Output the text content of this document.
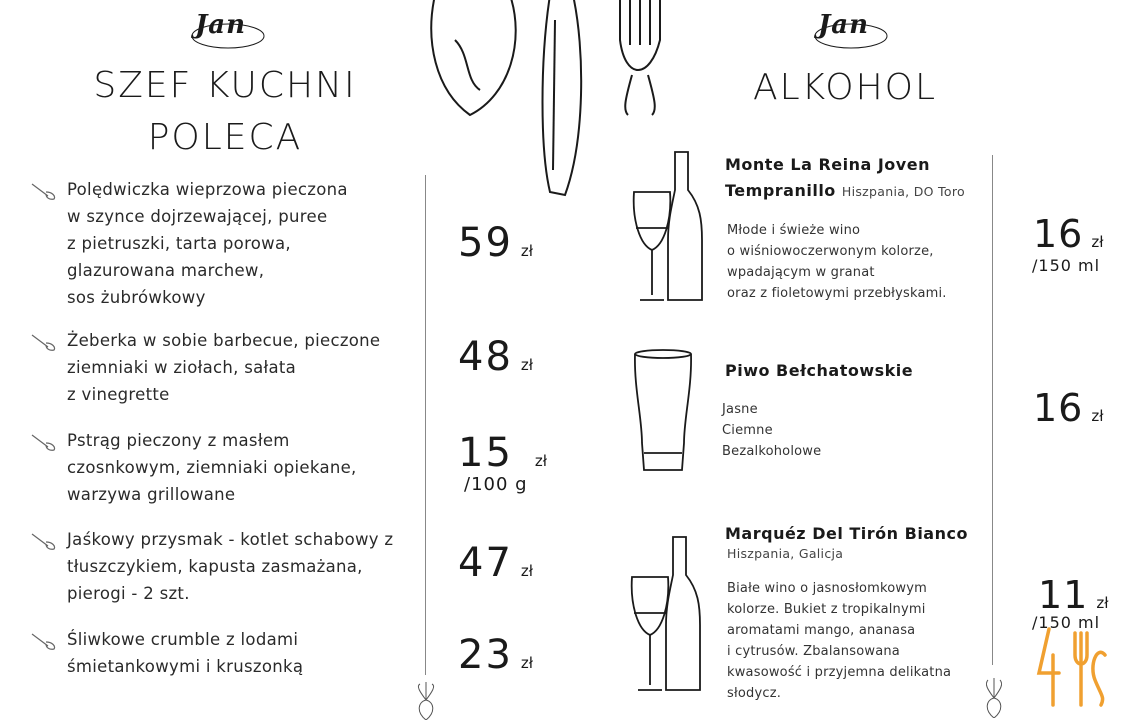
Jan
SZEF KUCHNI
POLECA
Polędwiczka wieprzowa pieczona
w szynce dojrzewającej, puree
z pietruszki, tarta porowa,
glazurowana marchew,
sos żubrówkowy
Żeberka w sobie barbecue, pieczone
ziemniaki w ziołach, sałata
z vinegrette
Pstrąg pieczony z masłem
czosnkowym, ziemniaki opiekane,
warzywa grillowane
Jaśkowy przysmak - kotlet schabowy z
tłuszczykiem, kapusta zasmażana,
pierogi - 2 szt.
Śliwkowe crumble z lodami
śmietankowymi i kruszonką
59 zł
48 zł
15 zł
/100 g
47 zł
23 zł
Jan
ALKOHOL
Monte La Reina Joven
Tempranillo Hiszpania, DO Toro
Młode i świeże wino
o wiśniowoczerwonym kolorze,
wpadającym w granat
oraz z fioletowymi przebłyskami.
Piwo Bełchatowskie
Jasne
Ciemne
Bezalkoholowe
Marquéz Del Tirón Bianco
Hiszpania, Galicja
Białe wino o jasnosłomkowym
kolorze. Bukiet z tropikalnymi
aromatami mango, ananasa
i cytrusów. Zbalansowana
kwasowość i przyjemna delikatna
słodycz.
16 zł
/150 ml
16 zł
11 zł
/150 ml
